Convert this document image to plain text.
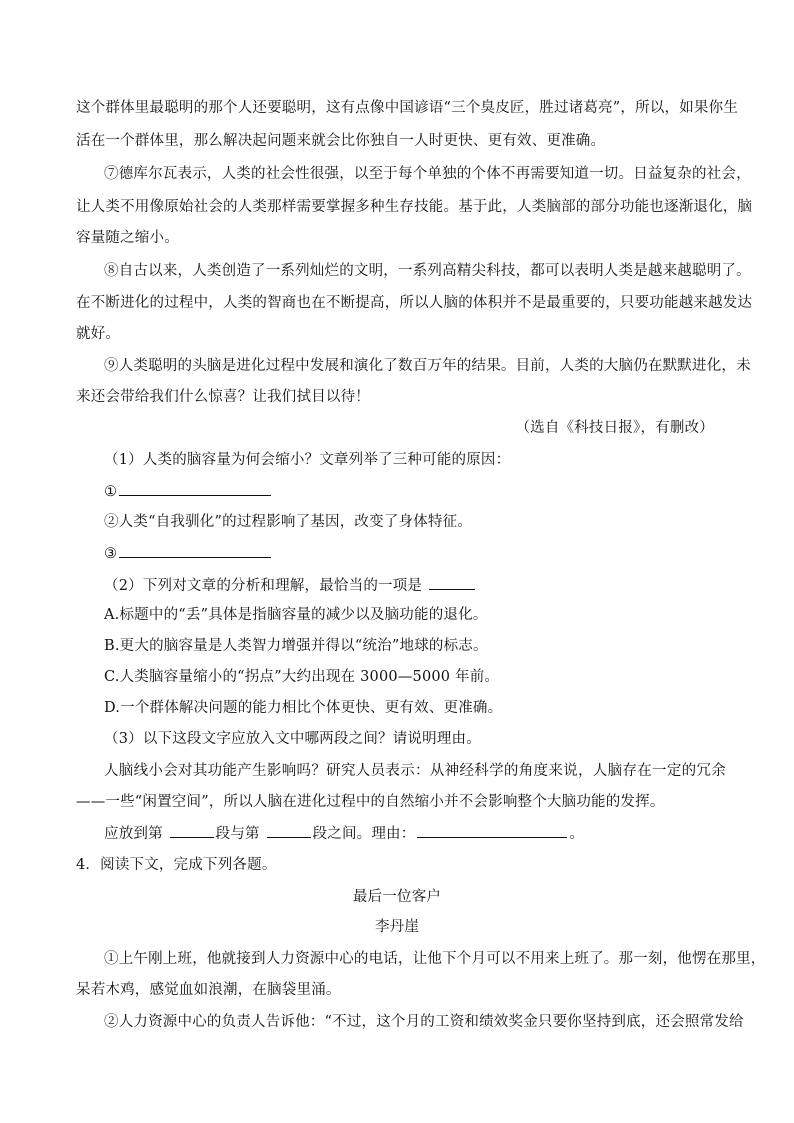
这个群体里最聪明的那个人还要聪明，这有点像中国谚语“三个臭皮匠，胜过诸葛亮”，所以，如果你生
活在一个群体里，那么解决起问题来就会比你独自一人时更快、更有效、更准确。
⑦德库尔瓦表示，人类的社会性很强，以至于每个单独的个体不再需要知道一切。日益复杂的社会，
让人类不用像原始社会的人类那样需要掌握多种生存技能。基于此，人类脑部的部分功能也逐渐退化，脑
容量随之缩小。
⑧自古以来，人类创造了一系列灿烂的文明，一系列高精尖科技，都可以表明人类是越来越聪明了。
在不断进化的过程中，人类的智商也在不断提高，所以人脑的体积并不是最重要的，只要功能越来越发达
就好。
⑨人类聪明的头脑是进化过程中发展和演化了数百万年的结果。目前，人类的大脑仍在默默进化，未
来还会带给我们什么惊喜？让我们拭目以待！
（选自《科技日报》，有删改）
（1）人类的脑容量为何会缩小？文章列举了三种可能的原因：
①
②人类“自我驯化”的过程影响了基因，改变了身体特征。
③
（2）下列对文章的分析和理解，最恰当的一项是
A.标题中的“丢”具体是指脑容量的减少以及脑功能的退化。
B.更大的脑容量是人类智力增强并得以“统治”地球的标志。
C.人类脑容量缩小的“拐点”大约出现在 3000—5000 年前。
D.一个群体解决问题的能力相比个体更快、更有效、更准确。
（3）以下这段文字应放入文中哪两段之间？请说明理由。
人脑线小会对其功能产生影响吗？研究人员表示：从神经科学的角度来说，人脑存在一定的冗余
——一些“闲置空间”，所以人脑在进化过程中的自然缩小并不会影响整个大脑功能的发挥。
应放到第	段与第	段之间。理由：	。
4．阅读下文，完成下列各题。
最后一位客户
李丹崖
①上午刚上班，他就接到人力资源中心的电话，让他下个月可以不用来上班了。那一刻，他愣在那里，
呆若木鸡，感觉血如浪潮，在脑袋里涌。
②人力资源中心的负责人告诉他：“不过，这个月的工资和绩效奖金只要你坚持到底，还会照常发给
